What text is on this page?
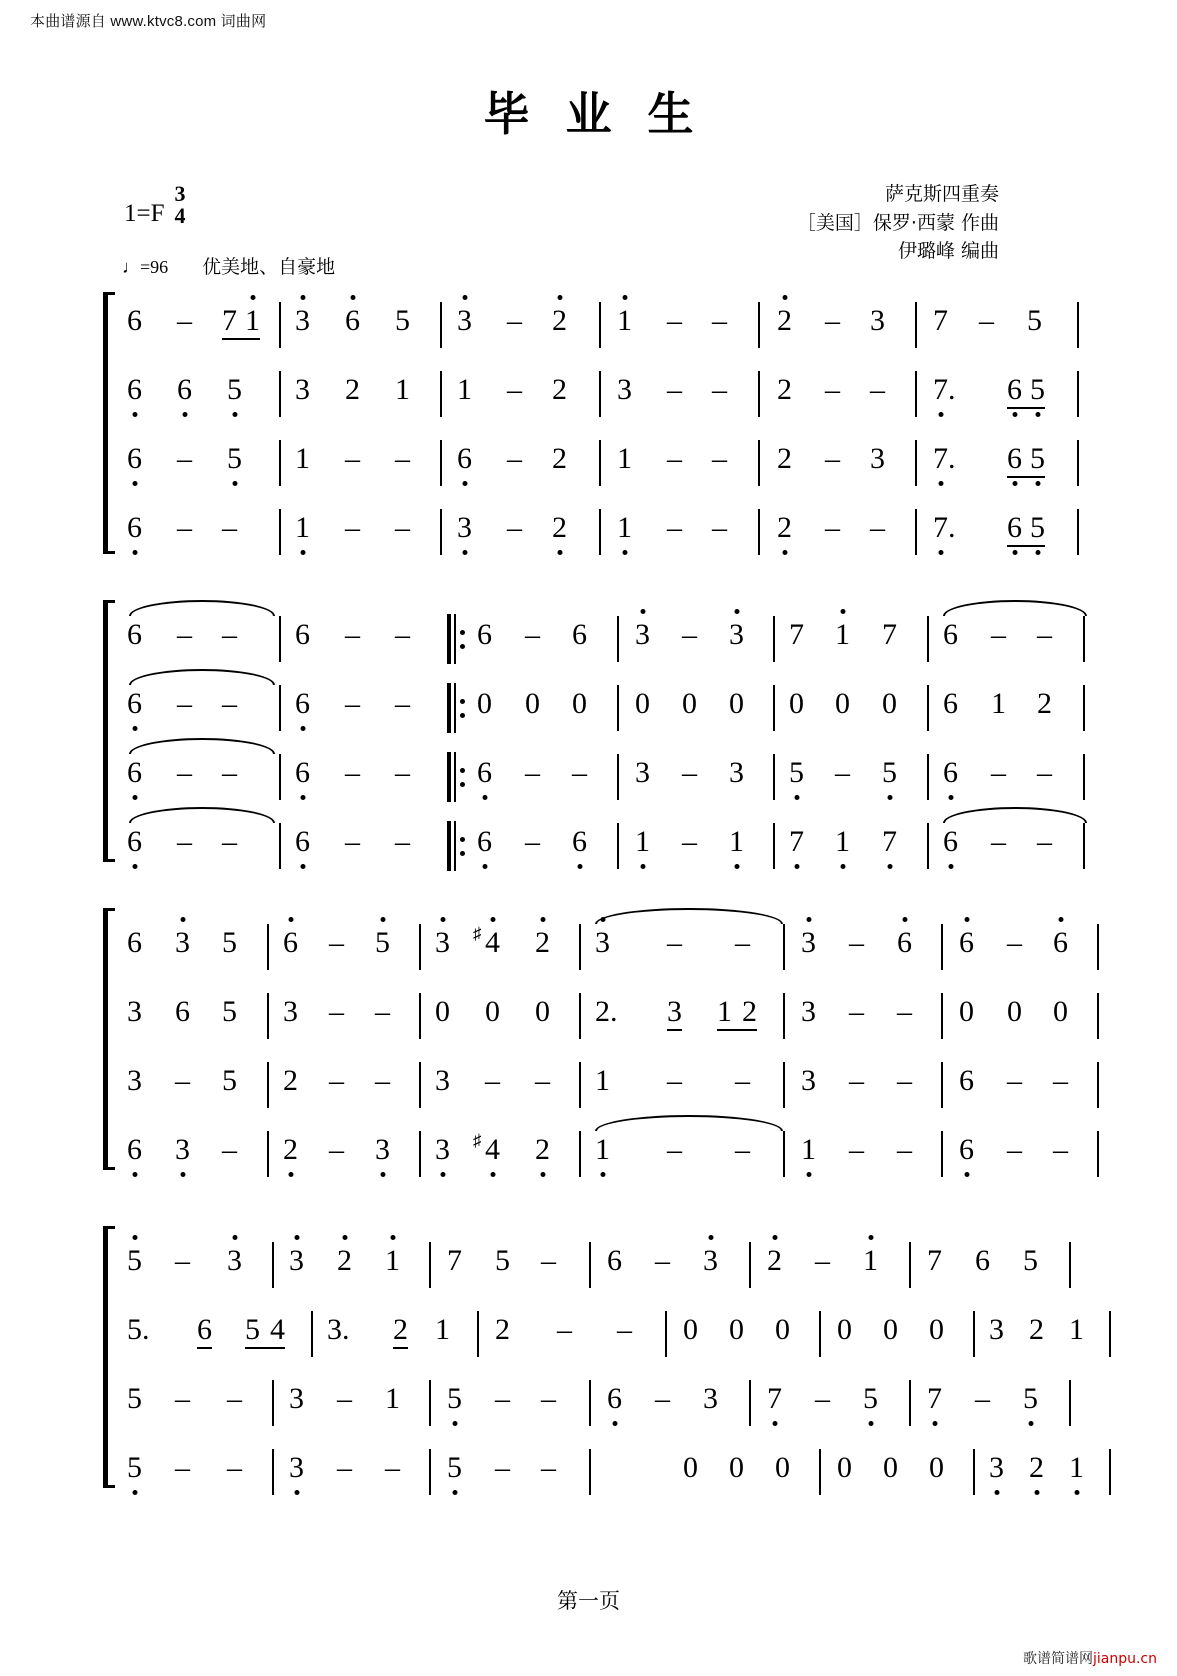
本曲谱源自 www.ktvc8.com 词曲网
毕业生
1=F
3
4
萨克斯四重奏
［美国］保罗·西蒙 作曲
伊璐峰 编曲
♩=96 优美地、自豪地
6 – 7 1 3 6 5 3 – 2 1 – – 2 – 3 7 – 5
6 6 5 3 2 1 1 – 2 3 – – 2 – – 7. 6 5
6 – 5 1 – – 6 – 2 1 – – 2 – 3 7. 6 5
6 – – 1 – – 3 – 2 1 – – 2 – – 7. 6 5
6 – – 6 – – 6 – 6 3 – 3 7 1 7 6 – –
6 – – 6 – – 0 0 0 0 0 0 0 0 0 6 1 2
6 – – 6 – – 6 – – 3 – 3 5 – 5 6 – –
6 – – 6 – – 6 – 6 1 – 1 7 1 7 6 – –
6 3 5 6 – 5 3 ♯ 4	2 3 – – 3 – 6 6 – 6
3 6 5 3 – – 0 0 0 2. 3 1 2 3 – – 0 0 0
3 – 5 2 – – 3 – – 1 – – 3 – – 6 – –
6 3 – 2 – 3 3 ♯ 4	2 1 – – 1 – – 6 – –
5 – 3 3 2 1 7 5 – 6 – 3 2 – 1 7 6 5
5. 6 5 4 3. 2 1 2 – – 0 0 0 0 0 0 3 2 1
5 – – 3 – 1 5 – – 6 – 3 7 – 5 7 – 5
5 – – 3 – – 5 – –	0 0 0 0 0 0 3 2 1
第一页
歌谱简谱网jianpu.cn
